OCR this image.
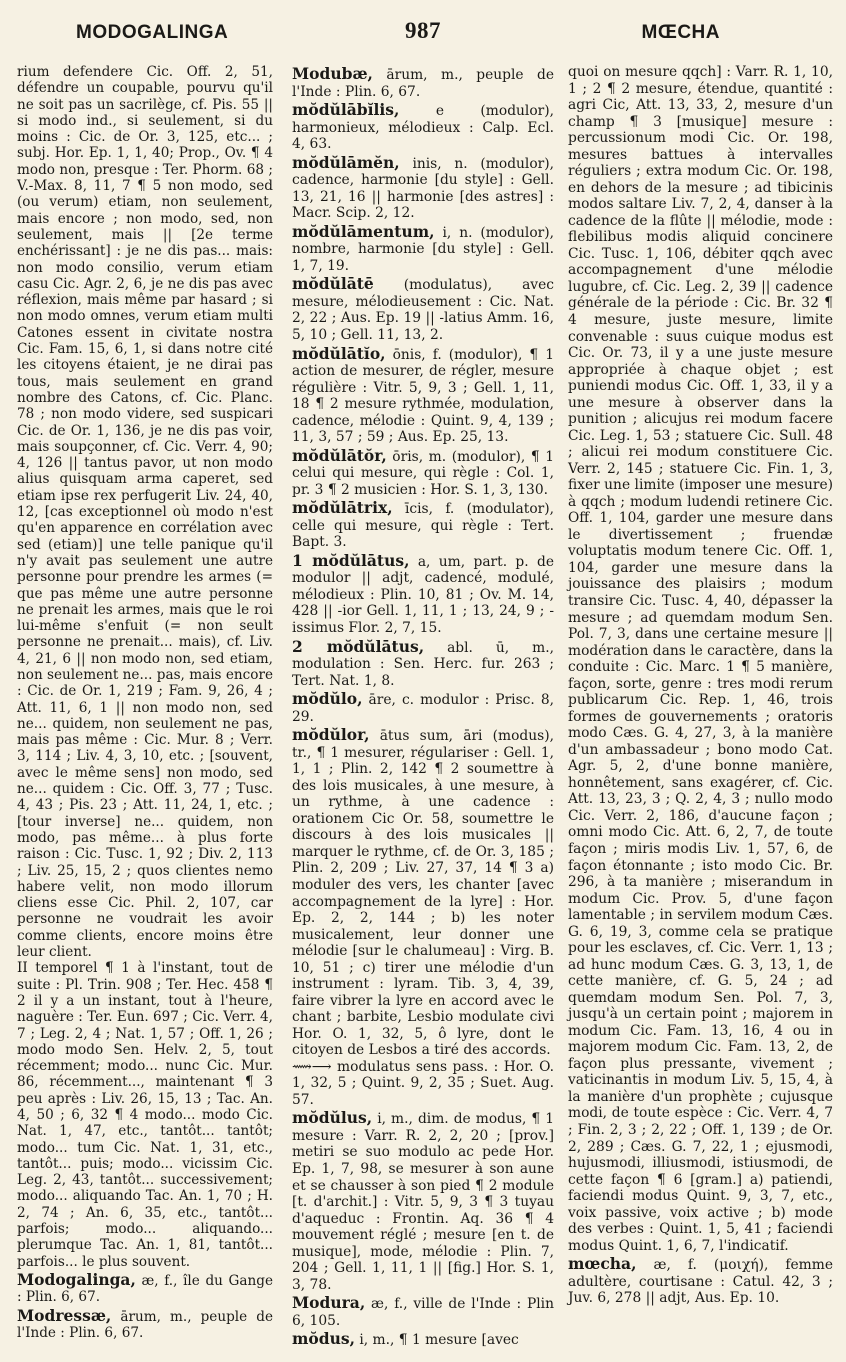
MODOGALINGA	987	MŒCHA

rium defendere Cic. Off. 2, 51, défendre un coupable, pourvu qu'il ne soit pas un sacrilège, cf. Pis. 55 || si modo ind., si seulement, si du moins : Cic. de Or. 3, 125, etc... ; subj. Hor. Ep. 1, 1, 40; Prop., Ov. ¶ 4 modo non, presque : Ter. Phorm. 68 ; V.-Max. 8, 11, 7 ¶ 5 non modo, sed (ou verum) etiam, non seulement, mais encore ; non modo, sed, non seulement, mais || [2e terme enchérissant] : je ne dis pas... mais: non modo consilio, verum etiam casu Cic. Agr. 2, 6, je ne dis pas avec réflexion, mais même par hasard ; si non modo omnes, verum etiam multi Catones essent in civitate nostra Cic. Fam. 15, 6, 1, si dans notre cité les citoyens étaient, je ne dirai pas tous, mais seulement en grand nombre des Catons, cf. Cic. Planc. 78 ; non modo videre, sed suspicari Cic. de Or. 1, 136, je ne dis pas voir, mais soupçonner, cf. Cic. Verr. 4, 90; 4, 126 || tantus pavor, ut non modo alius quisquam arma caperet, sed etiam ipse rex perfugerit Liv. 24, 40, 12, [cas exceptionnel où modo n'est qu'en apparence en corrélation avec sed (etiam)] une telle panique qu'il n'y avait pas seulement une autre personne pour prendre les armes (= que pas même une autre personne ne prenait les armes, mais que le roi lui-même s'enfuit (= non seult personne ne prenait... mais), cf. Liv. 4, 21, 6 || non modo non, sed etiam, non seulement ne... pas, mais encore : Cic. de Or. 1, 219 ; Fam. 9, 26, 4 ; Att. 11, 6, 1 || non modo non, sed ne... quidem, non seulement ne pas, mais pas même : Cic. Mur. 8 ; Verr. 3, 114 ; Liv. 4, 3, 10, etc. ; [souvent, avec le même sens] non modo, sed ne... quidem : Cic. Off. 3, 77 ; Tusc. 4, 43 ; Pis. 23 ; Att. 11, 24, 1, etc. ; [tour inverse] ne... quidem, non modo, pas même... à plus forte raison : Cic. Tusc. 1, 92 ; Div. 2, 113 ; Liv. 25, 15, 2 ; quos clientes nemo habere velit, non modo illorum cliens esse Cic. Phil. 2, 107, car personne ne voudrait les avoir comme clients, encore moins être leur client.

II temporel ¶ 1 à l'instant, tout de suite : Pl. Trin. 908 ; Ter. Hec. 458 ¶ 2 il y a un instant, tout à l'heure, naguère : Ter. Eun. 697 ; Cic. Verr. 4, 7 ; Leg. 2, 4 ; Nat. 1, 57 ; Off. 1, 26 ; modo modo Sen. Helv. 2, 5, tout récemment; modo... nunc Cic. Mur. 86, récemment..., maintenant ¶ 3 peu après : Liv. 26, 15, 13 ; Tac. An. 4, 50 ; 6, 32 ¶ 4 modo... modo Cic. Nat. 1, 47, etc., tantôt... tantôt; modo... tum Cic. Nat. 1, 31, etc., tantôt... puis; modo... vicissim Cic. Leg. 2, 43, tantôt... successivement; modo... aliquando Tac. An. 1, 70 ; H. 2, 74 ; An. 6, 35, etc., tantôt... parfois; modo... aliquando... plerumque Tac. An. 1, 81, tantôt... parfois... le plus souvent.

Modogalinga, æ, f., île du Gange : Plin. 6, 67.

Modressæ, ārum, m., peuple de l'Inde : Plin. 6, 67.

Modubæ, ārum, m., peuple de l'Inde : Plin. 6, 67.

mŏdŭlābĭlis, e (modulor), harmonieux, mélodieux : Calp. Ecl. 4, 63.

mŏdŭlāmĕn, inis, n. (modulor), cadence, harmonie [du style] : Gell. 13, 21, 16 || harmonie [des astres] : Macr. Scip. 2, 12.

mŏdŭlāmentum, i, n. (modulor), nombre, harmonie [du style] : Gell. 1, 7, 19.

mŏdŭlātē (modulatus), avec mesure, mélodieusement : Cic. Nat. 2, 22 ; Aus. Ep. 19 || -latius Amm. 16, 5, 10 ; Gell. 11, 13, 2.

mŏdŭlātĭo, ōnis, f. (modulor), ¶ 1 action de mesurer, de régler, mesure régulière : Vitr. 5, 9, 3 ; Gell. 1, 11, 18 ¶ 2 mesure rythmée, modulation, cadence, mélodie : Quint. 9, 4, 139 ; 11, 3, 57 ; 59 ; Aus. Ep. 25, 13.

mŏdŭlātŏr, ōris, m. (modulor), ¶ 1 celui qui mesure, qui règle : Col. 1, pr. 3 ¶ 2 musicien : Hor. S. 1, 3, 130.

mŏdŭlātrix, īcis, f. (modulator), celle qui mesure, qui règle : Tert. Bapt. 3.

1 mŏdŭlātus, a, um, part. p. de modulor || adjt, cadencé, modulé, mélodieux : Plin. 10, 81 ; Ov. M. 14, 428 || -ior Gell. 1, 11, 1 ; 13, 24, 9 ; -issimus Flor. 2, 7, 15.

2 mŏdŭlātus, abl. ū, m., modulation : Sen. Herc. fur. 263 ; Tert. Nat. 1, 8.

mŏdŭlo, āre, c. modulor : Prisc. 8, 29.

mŏdŭlor, ātus sum, āri (modus), tr., ¶ 1 mesurer, régulariser : Gell. 1, 1, 1 ; Plin. 2, 142 ¶ 2 soumettre à des lois musicales, à une mesure, à un rythme, à une cadence : orationem Cic Or. 58, soumettre le discours à des lois musicales || marquer le rythme, cf. de Or. 3, 185 ; Plin. 2, 209 ; Liv. 27, 37, 14 ¶ 3 a) moduler des vers, les chanter [avec accompagnement de la lyre] : Hor. Ep. 2, 2, 144 ; b) les noter musicalement, leur donner une mélodie [sur le chalumeau] : Virg. B. 10, 51 ; c) tirer une mélodie d'un instrument : lyram. Tib. 3, 4, 39, faire vibrer la lyre en accord avec le chant ; barbite, Lesbio modulate civi Hor. O. 1, 32, 5, ô lyre, dont le citoyen de Lesbos a tiré des accords.

⟿⟶ modulatus sens pass. : Hor. O. 1, 32, 5 ; Quint. 9, 2, 35 ; Suet. Aug. 57.

mŏdŭlus, i, m., dim. de modus, ¶ 1 mesure : Varr. R. 2, 2, 20 ; [prov.] metiri se suo modulo ac pede Hor. Ep. 1, 7, 98, se mesurer à son aune et se chausser à son pied ¶ 2 module [t. d'archit.] : Vitr. 5, 9, 3 ¶ 3 tuyau d'aqueduc : Frontin. Aq. 36 ¶ 4 mouvement réglé ; mesure [en t. de musique], mode, mélodie : Plin. 7, 204 ; Gell. 1, 11, 1 || [fig.] Hor. S. 1, 3, 78.

Modura, æ, f., ville de l'Inde : Plin 6, 105.

mŏdus, i, m., ¶ 1 mesure [avec

quoi on mesure qqch] : Varr. R. 1, 10, 1 ; 2 ¶ 2 mesure, étendue, quantité : agri Cic, Att. 13, 33, 2, mesure d'un champ ¶ 3 [musique] mesure : percussionum modi Cic. Or. 198, mesures battues à intervalles réguliers ; extra modum Cic. Or. 198, en dehors de la mesure ; ad tibicinis modos saltare Liv. 7, 2, 4, danser à la cadence de la flûte || mélodie, mode : flebilibus modis aliquid concinere Cic. Tusc. 1, 106, débiter qqch avec accompagnement d'une mélodie lugubre, cf. Cic. Leg. 2, 39 || cadence générale de la période : Cic. Br. 32 ¶ 4 mesure, juste mesure, limite convenable : suus cuique modus est Cic. Or. 73, il y a une juste mesure appropriée à chaque objet ; est puniendi modus Cic. Off. 1, 33, il y a une mesure à observer dans la punition ; alicujus rei modum facere Cic. Leg. 1, 53 ; statuere Cic. Sull. 48 ; alicui rei modum constituere Cic. Verr. 2, 145 ; statuere Cic. Fin. 1, 3, fixer une limite (imposer une mesure) à qqch ; modum ludendi retinere Cic. Off. 1, 104, garder une mesure dans le divertissement ; fruendæ voluptatis modum tenere Cic. Off. 1, 104, garder une mesure dans la jouissance des plaisirs ; modum transire Cic. Tusc. 4, 40, dépasser la mesure ; ad quemdam modum Sen. Pol. 7, 3, dans une certaine mesure || modération dans le caractère, dans la conduite : Cic. Marc. 1 ¶ 5 manière, façon, sorte, genre : tres modi rerum publicarum Cic. Rep. 1, 46, trois formes de gouvernements ; oratoris modo Cæs. G. 4, 27, 3, à la manière d'un ambassadeur ; bono modo Cat. Agr. 5, 2, d'une bonne manière, honnêtement, sans exagérer, cf. Cic. Att. 13, 23, 3 ; Q. 2, 4, 3 ; nullo modo Cic. Verr. 2, 186, d'aucune façon ; omni modo Cic. Att. 6, 2, 7, de toute façon ; miris modis Liv. 1, 57, 6, de façon étonnante ; isto modo Cic. Br. 296, à ta manière ; miserandum in modum Cic. Prov. 5, d'une façon lamentable ; in servilem modum Cæs. G. 6, 19, 3, comme cela se pratique pour les esclaves, cf. Cic. Verr. 1, 13 ; ad hunc modum Cæs. G. 3, 13, 1, de cette manière, cf. G. 5, 24 ; ad quemdam modum Sen. Pol. 7, 3, jusqu'à un certain point ; majorem in modum Cic. Fam. 13, 16, 4 ou in majorem modum Cic. Fam. 13, 2, de façon plus pressante, vivement ; vaticinantis in modum Liv. 5, 15, 4, à la manière d'un prophète ; cujusque modi, de toute espèce : Cic. Verr. 4, 7 ; Fin. 2, 3 ; 2, 22 ; Off. 1, 139 ; de Or. 2, 289 ; Cæs. G. 7, 22, 1 ; ejusmodi, hujusmodi, illiusmodi, istiusmodi, de cette façon ¶ 6 [gram.] a) patiendi, faciendi modus Quint. 9, 3, 7, etc., voix passive, voix active ; b) mode des verbes : Quint. 1, 5, 41 ; faciendi modus Quint. 1, 6, 7, l'indicatif.

mœcha, æ, f. (μοιχή), femme adultère, courtisane : Catul. 42, 3 ; Juv. 6, 278 || adjt, Aus. Ep. 10.
